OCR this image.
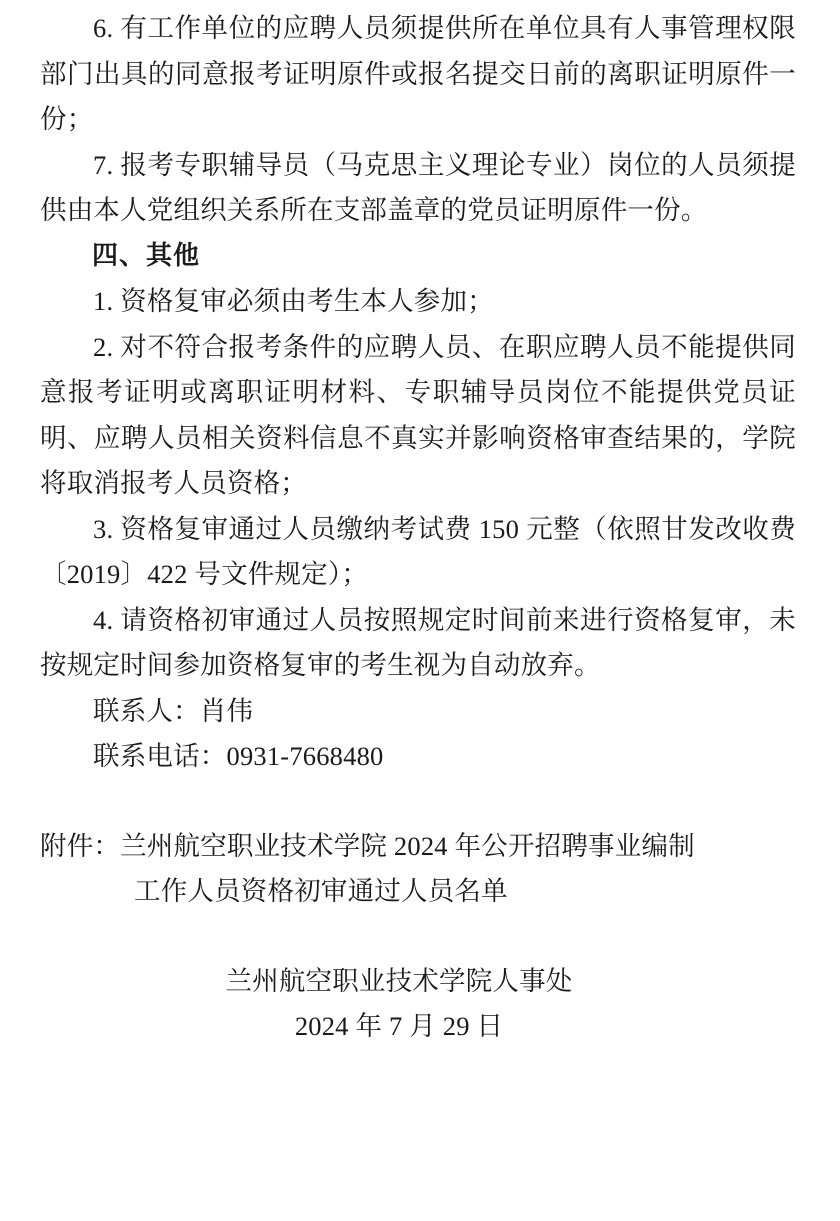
6. 有工作单位的应聘人员须提供所在单位具有人事管理权限部门出具的同意报考证明原件或报名提交日前的离职证明原件一份；

7. 报考专职辅导员（马克思主义理论专业）岗位的人员须提供由本人党组织关系所在支部盖章的党员证明原件一份。

四、其他

1. 资格复审必须由考生本人参加；

2. 对不符合报考条件的应聘人员、在职应聘人员不能提供同意报考证明或离职证明材料、专职辅导员岗位不能提供党员证明、应聘人员相关资料信息不真实并影响资格审查结果的，学院将取消报考人员资格；

3. 资格复审通过人员缴纳考试费 150 元整（依照甘发改收费〔2019〕422 号文件规定）；

4. 请资格初审通过人员按照规定时间前来进行资格复审，未按规定时间参加资格复审的考生视为自动放弃。

联系人：肖伟

联系电话：0931-7668480

附件：兰州航空职业技术学院 2024 年公开招聘事业编制

工作人员资格初审通过人员名单

兰州航空职业技术学院人事处

2024 年 7 月 29 日
